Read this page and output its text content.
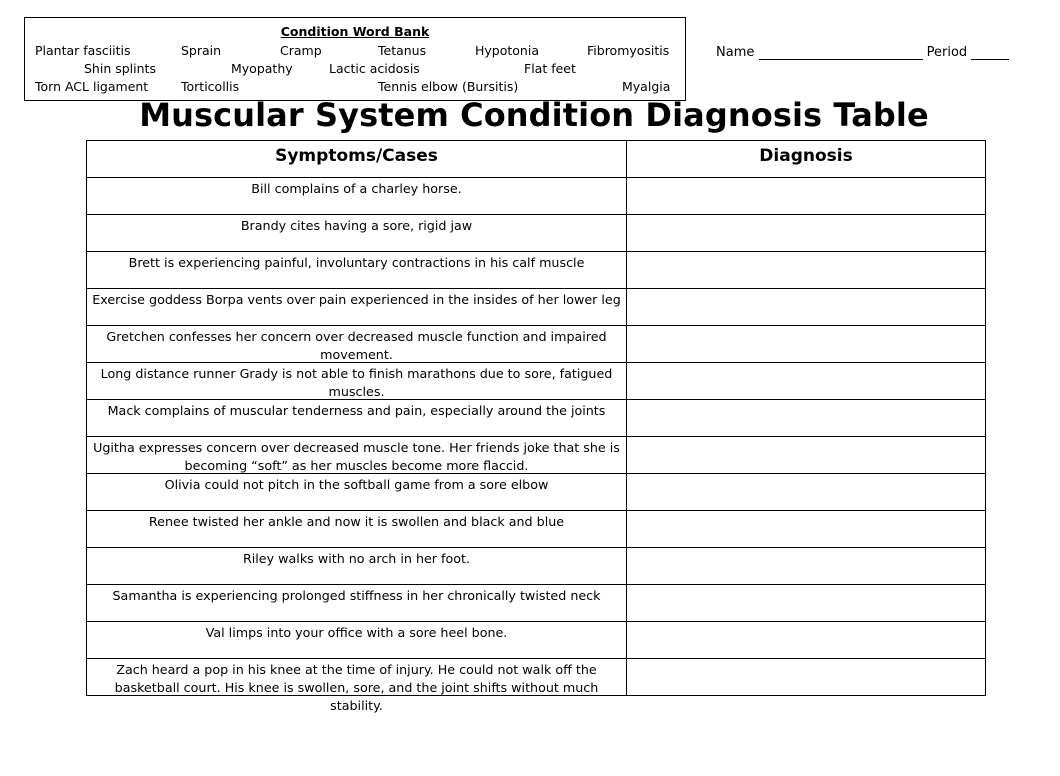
Condition Word Bank
Plantar fasciitis	Sprain	Cramp	Tetanus	Hypotonia	Fibromyositis
Shin splints	Myopathy	Lactic acidosis	Flat feet
Torn ACL ligament	Torticollis	Tennis elbow (Bursitis)	Myalgia
Name	Period
Muscular System Condition Diagnosis Table
Symptoms/Cases	Diagnosis
Bill complains of a charley horse.
Brandy cites having a sore, rigid jaw
Brett is experiencing painful, involuntary contractions in his calf muscle
Exercise goddess Borpa vents over pain experienced in the insides of her lower leg
Gretchen confesses her concern over decreased muscle function and impaired movement.
Long distance runner Grady is not able to finish marathons due to sore, fatigued muscles.
Mack complains of muscular tenderness and pain, especially around the joints
Ugitha expresses concern over decreased muscle tone. Her friends joke that she is becoming “soft” as her muscles become more flaccid.
Olivia could not pitch in the softball game from a sore elbow
Renee twisted her ankle and now it is swollen and black and blue
Riley walks with no arch in her foot.
Samantha is experiencing prolonged stiffness in her chronically twisted neck
Val limps into your office with a sore heel bone.
Zach heard a pop in his knee at the time of injury. He could not walk off the basketball court. His knee is swollen, sore, and the joint shifts without much stability.
